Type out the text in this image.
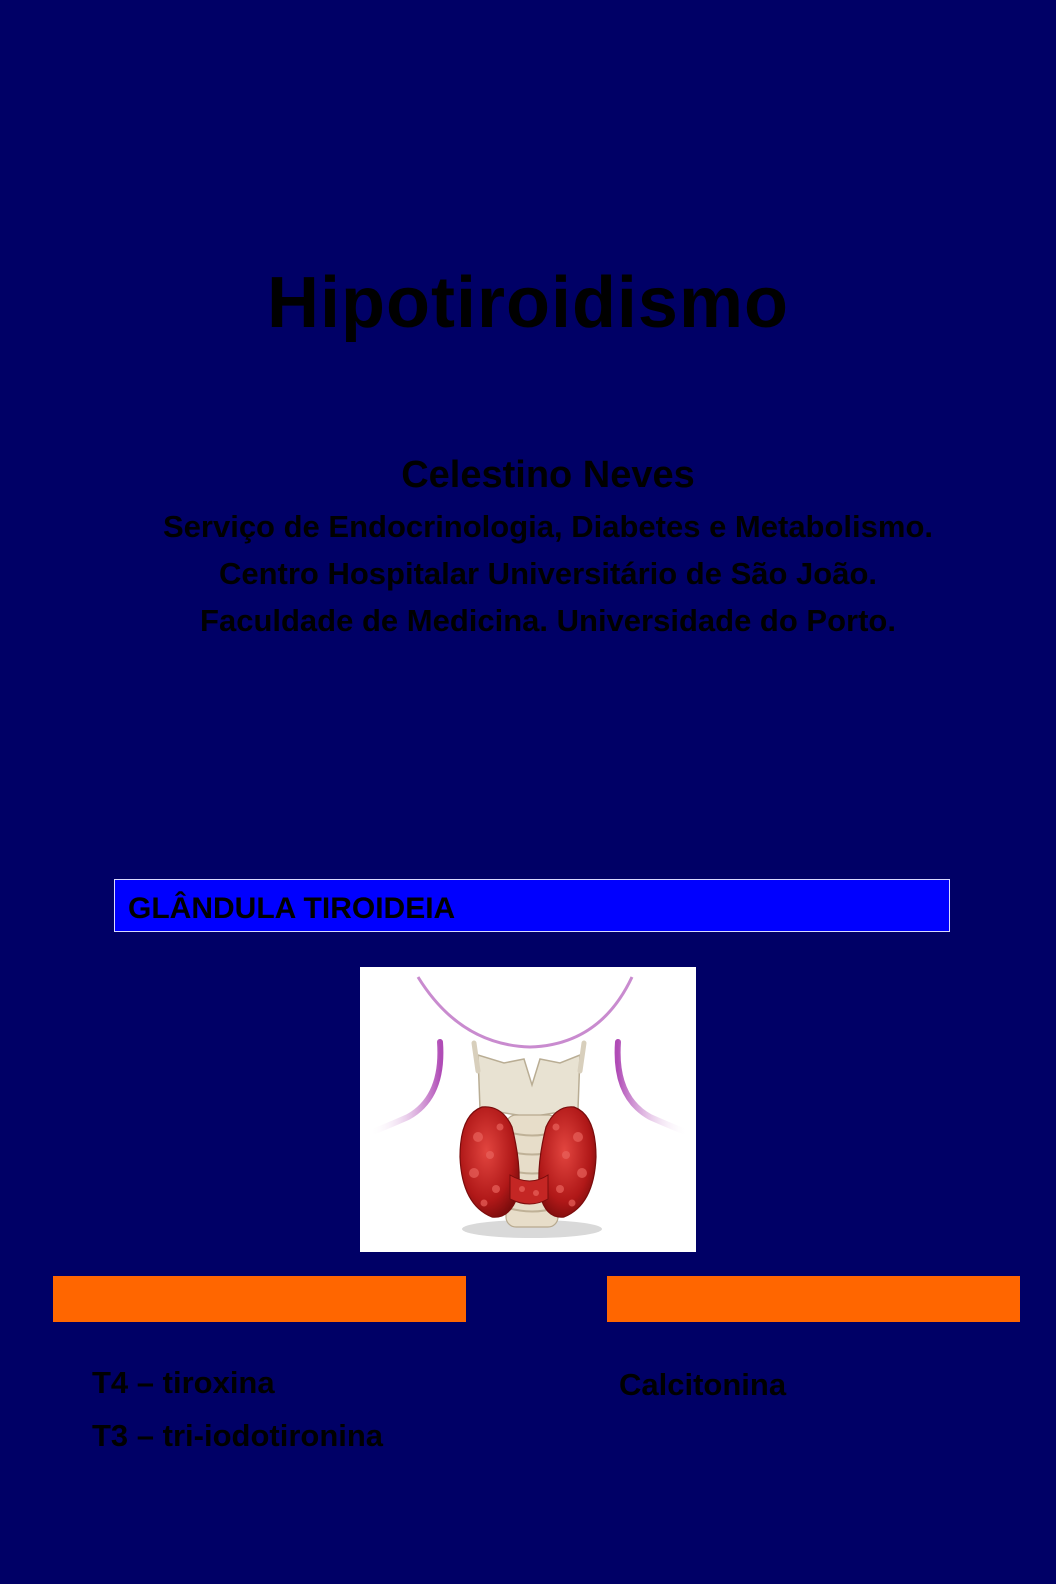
Hipotiroidismo

Celestino Neves

Serviço de Endocrinologia, Diabetes e Metabolismo.

Centro Hospitalar Universitário de São João.

Faculdade de Medicina. Universidade do Porto.

GLÂNDULA TIROIDEIA

T4 – tiroxina

T3 – tri-iodotironina

Calcitonina
